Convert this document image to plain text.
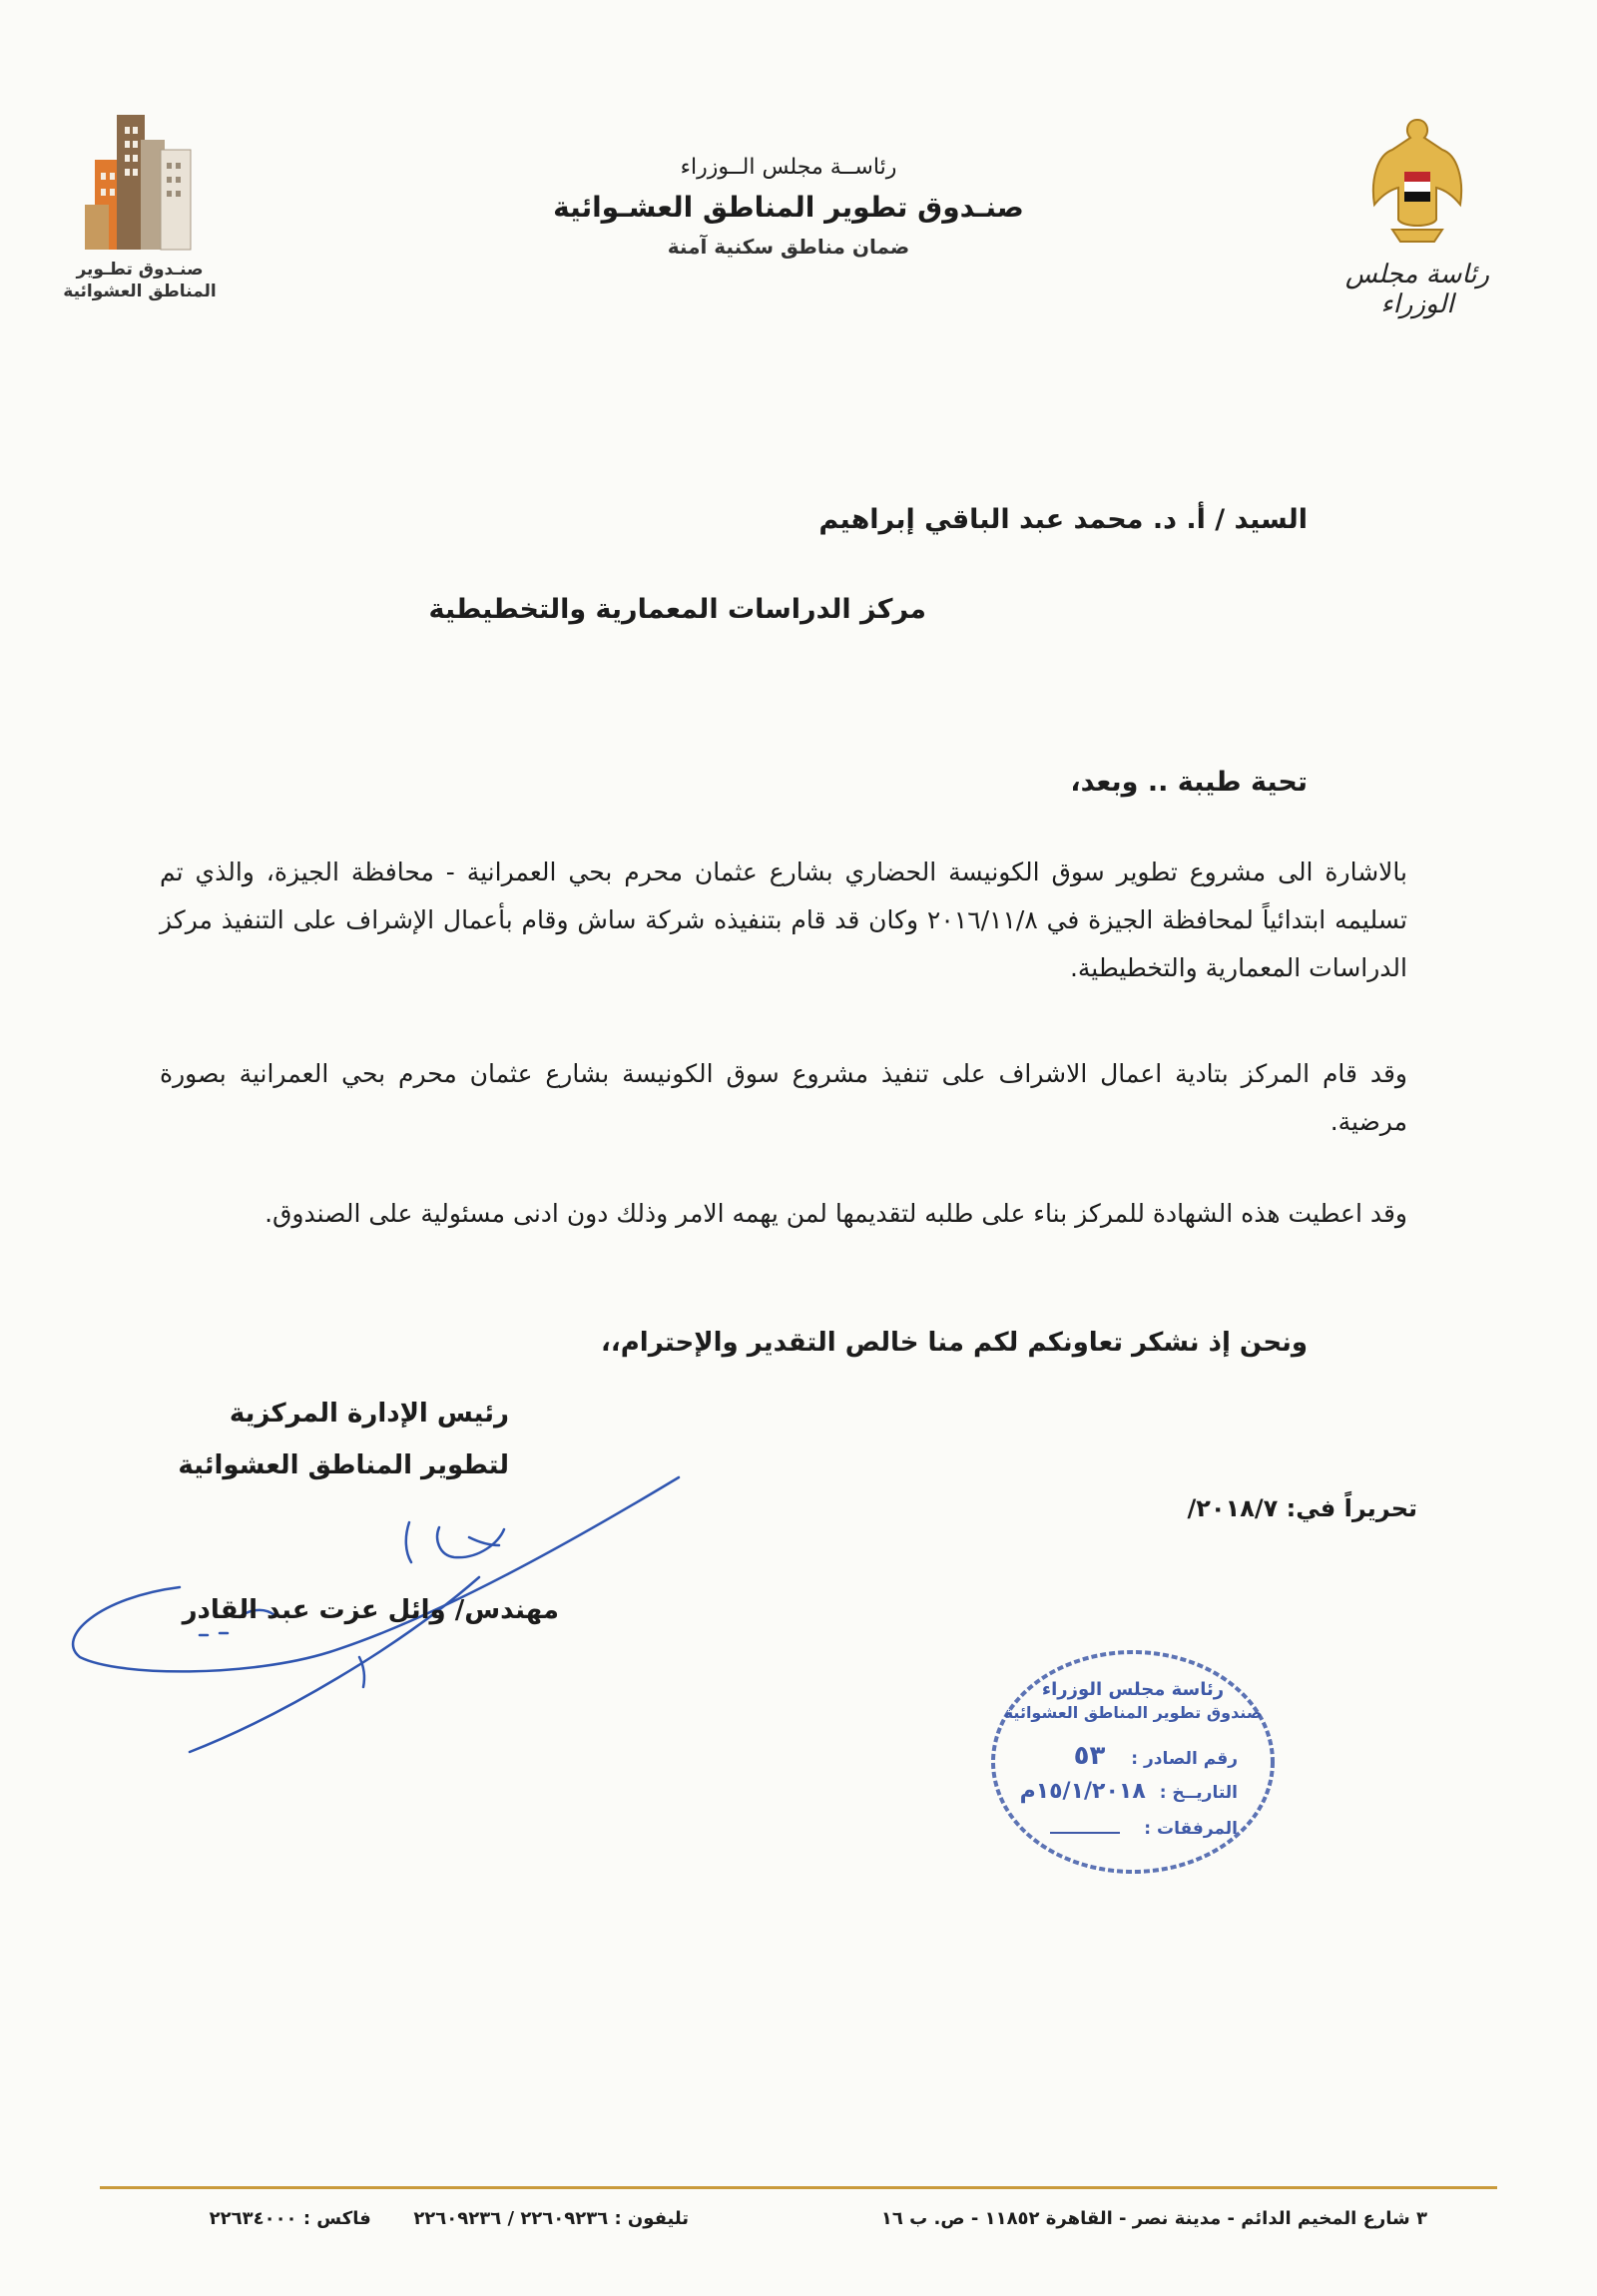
رئاسة مجلس الوزراء
رئاســة مجلس الــوزراء
صنـدوق تطوير المناطق العشـوائية
ضمان مناطق سكنية آمنة
صنـدوق تطـوير
المناطق العشوائية
السيد / أ. د. محمد عبد الباقي إبراهيم
مركز الدراسات المعمارية والتخطيطية
تحية طيبة .. وبعد،
بالاشارة الى مشروع تطوير سوق الكونيسة الحضاري بشارع عثمان محرم بحي العمرانية - محافظة الجيزة، والذي تم تسليمه ابتدائياً لمحافظة الجيزة في ٢٠١٦/١١/٨ وكان قد قام بتنفيذه شركة ساش وقام بأعمال الإشراف على التنفيذ مركز الدراسات المعمارية والتخطيطية.
وقد قام المركز بتادية اعمال الاشراف على تنفيذ مشروع سوق الكونيسة بشارع عثمان محرم بحي العمرانية بصورة مرضية.
وقد اعطيت هذه الشهادة للمركز بناء على طلبه لتقديمها لمن يهمه الامر وذلك دون ادنى مسئولية على الصندوق.
ونحن إذ نشكر تعاونكم لكم منا خالص التقدير والإحترام،،
رئيس الإدارة المركزية
لتطوير المناطق العشوائية
تحريراً في: ٢٠١٨/٧/
مهندس/ وائل عزت عبد القادر
رئاسة مجلس الوزراء
صندوق تطوير المناطق العشوائية
رقم الصادر : ٥٣
التاريــخ : ١٥/١/٢٠١٨م
المرفقات :
٣ شارع المخيم الدائم - مدينة نصر - القاهرة ١١٨٥٢ - ص. ب ١٦
تليفون : ٢٢٦٠٩٢٣٦ / ٢٢٦٠٩٢٣٦  فاكس : ٢٢٦٣٤٠٠٠
